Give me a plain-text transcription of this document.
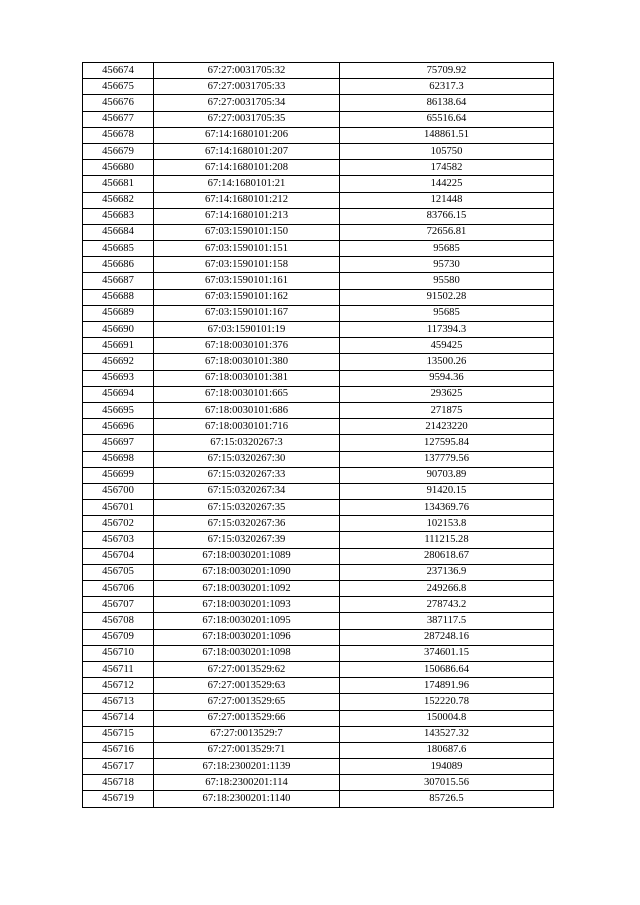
456674	67:27:0031705:32	75709.92
456675	67:27:0031705:33	62317.3
456676	67:27:0031705:34	86138.64
456677	67:27:0031705:35	65516.64
456678	67:14:1680101:206	148861.51
456679	67:14:1680101:207	105750
456680	67:14:1680101:208	174582
456681	67:14:1680101:21	144225
456682	67:14:1680101:212	121448
456683	67:14:1680101:213	83766.15
456684	67:03:1590101:150	72656.81
456685	67:03:1590101:151	95685
456686	67:03:1590101:158	95730
456687	67:03:1590101:161	95580
456688	67:03:1590101:162	91502.28
456689	67:03:1590101:167	95685
456690	67:03:1590101:19	117394.3
456691	67:18:0030101:376	459425
456692	67:18:0030101:380	13500.26
456693	67:18:0030101:381	9594.36
456694	67:18:0030101:665	293625
456695	67:18:0030101:686	271875
456696	67:18:0030101:716	21423220
456697	67:15:0320267:3	127595.84
456698	67:15:0320267:30	137779.56
456699	67:15:0320267:33	90703.89
456700	67:15:0320267:34	91420.15
456701	67:15:0320267:35	134369.76
456702	67:15:0320267:36	102153.8
456703	67:15:0320267:39	111215.28
456704	67:18:0030201:1089	280618.67
456705	67:18:0030201:1090	237136.9
456706	67:18:0030201:1092	249266.8
456707	67:18:0030201:1093	278743.2
456708	67:18:0030201:1095	387117.5
456709	67:18:0030201:1096	287248.16
456710	67:18:0030201:1098	374601.15
456711	67:27:0013529:62	150686.64
456712	67:27:0013529:63	174891.96
456713	67:27:0013529:65	152220.78
456714	67:27:0013529:66	150004.8
456715	67:27:0013529:7	143527.32
456716	67:27:0013529:71	180687.6
456717	67:18:2300201:1139	194089
456718	67:18:2300201:114	307015.56
456719	67:18:2300201:1140	85726.5
